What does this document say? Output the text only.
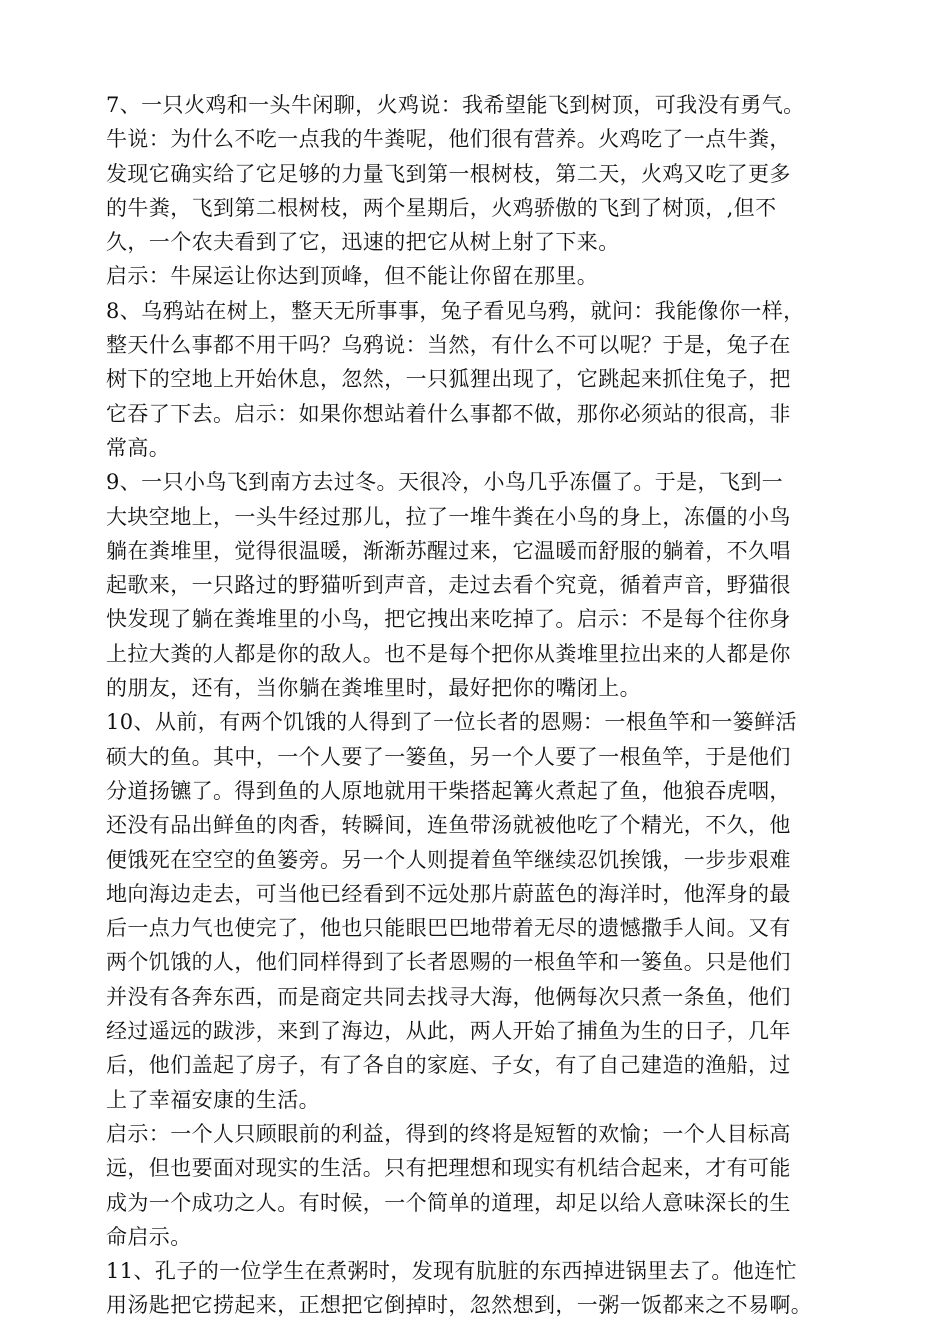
7、一只火鸡和一头牛闲聊，火鸡说：我希望能飞到树顶，可我没有勇气。
牛说：为什么不吃一点我的牛粪呢，他们很有营养。火鸡吃了一点牛粪，
发现它确实给了它足够的力量飞到第一根树枝，第二天，火鸡又吃了更多
的牛粪，飞到第二根树枝，两个星期后，火鸡骄傲的飞到了树顶，,但不
久，一个农夫看到了它，迅速的把它从树上射了下来。
启示：牛屎运让你达到顶峰，但不能让你留在那里。
8、乌鸦站在树上，整天无所事事，兔子看见乌鸦，就问：我能像你一样，
整天什么事都不用干吗？乌鸦说：当然，有什么不可以呢？于是，兔子在
树下的空地上开始休息，忽然，一只狐狸出现了，它跳起来抓住兔子，把
它吞了下去。启示：如果你想站着什么事都不做，那你必须站的很高，非
常高。
9、一只小鸟飞到南方去过冬。天很冷，小鸟几乎冻僵了。于是，飞到一
大块空地上，一头牛经过那儿，拉了一堆牛粪在小鸟的身上，冻僵的小鸟
躺在粪堆里，觉得很温暖，渐渐苏醒过来，它温暖而舒服的躺着，不久唱
起歌来，一只路过的野猫听到声音，走过去看个究竟，循着声音，野猫很
快发现了躺在粪堆里的小鸟，把它拽出来吃掉了。启示：不是每个往你身
上拉大粪的人都是你的敌人。也不是每个把你从粪堆里拉出来的人都是你
的朋友，还有，当你躺在粪堆里时，最好把你的嘴闭上。
10、从前，有两个饥饿的人得到了一位长者的恩赐：一根鱼竿和一篓鲜活
硕大的鱼。其中，一个人要了一篓鱼，另一个人要了一根鱼竿，于是他们
分道扬镳了。得到鱼的人原地就用干柴搭起篝火煮起了鱼，他狼吞虎咽，
还没有品出鲜鱼的肉香，转瞬间，连鱼带汤就被他吃了个精光，不久，他
便饿死在空空的鱼篓旁。另一个人则提着鱼竿继续忍饥挨饿，一步步艰难
地向海边走去，可当他已经看到不远处那片蔚蓝色的海洋时，他浑身的最
后一点力气也使完了，他也只能眼巴巴地带着无尽的遗憾撒手人间。又有
两个饥饿的人，他们同样得到了长者恩赐的一根鱼竿和一篓鱼。只是他们
并没有各奔东西，而是商定共同去找寻大海，他俩每次只煮一条鱼，他们
经过遥远的跋涉，来到了海边，从此，两人开始了捕鱼为生的日子，几年
后，他们盖起了房子，有了各自的家庭、子女，有了自己建造的渔船，过
上了幸福安康的生活。
启示：一个人只顾眼前的利益，得到的终将是短暂的欢愉；一个人目标高
远，但也要面对现实的生活。只有把理想和现实有机结合起来，才有可能
成为一个成功之人。有时候，一个简单的道理，却足以给人意味深长的生
命启示。
11、孔子的一位学生在煮粥时，发现有肮脏的东西掉进锅里去了。他连忙
用汤匙把它捞起来，正想把它倒掉时，忽然想到，一粥一饭都来之不易啊。
